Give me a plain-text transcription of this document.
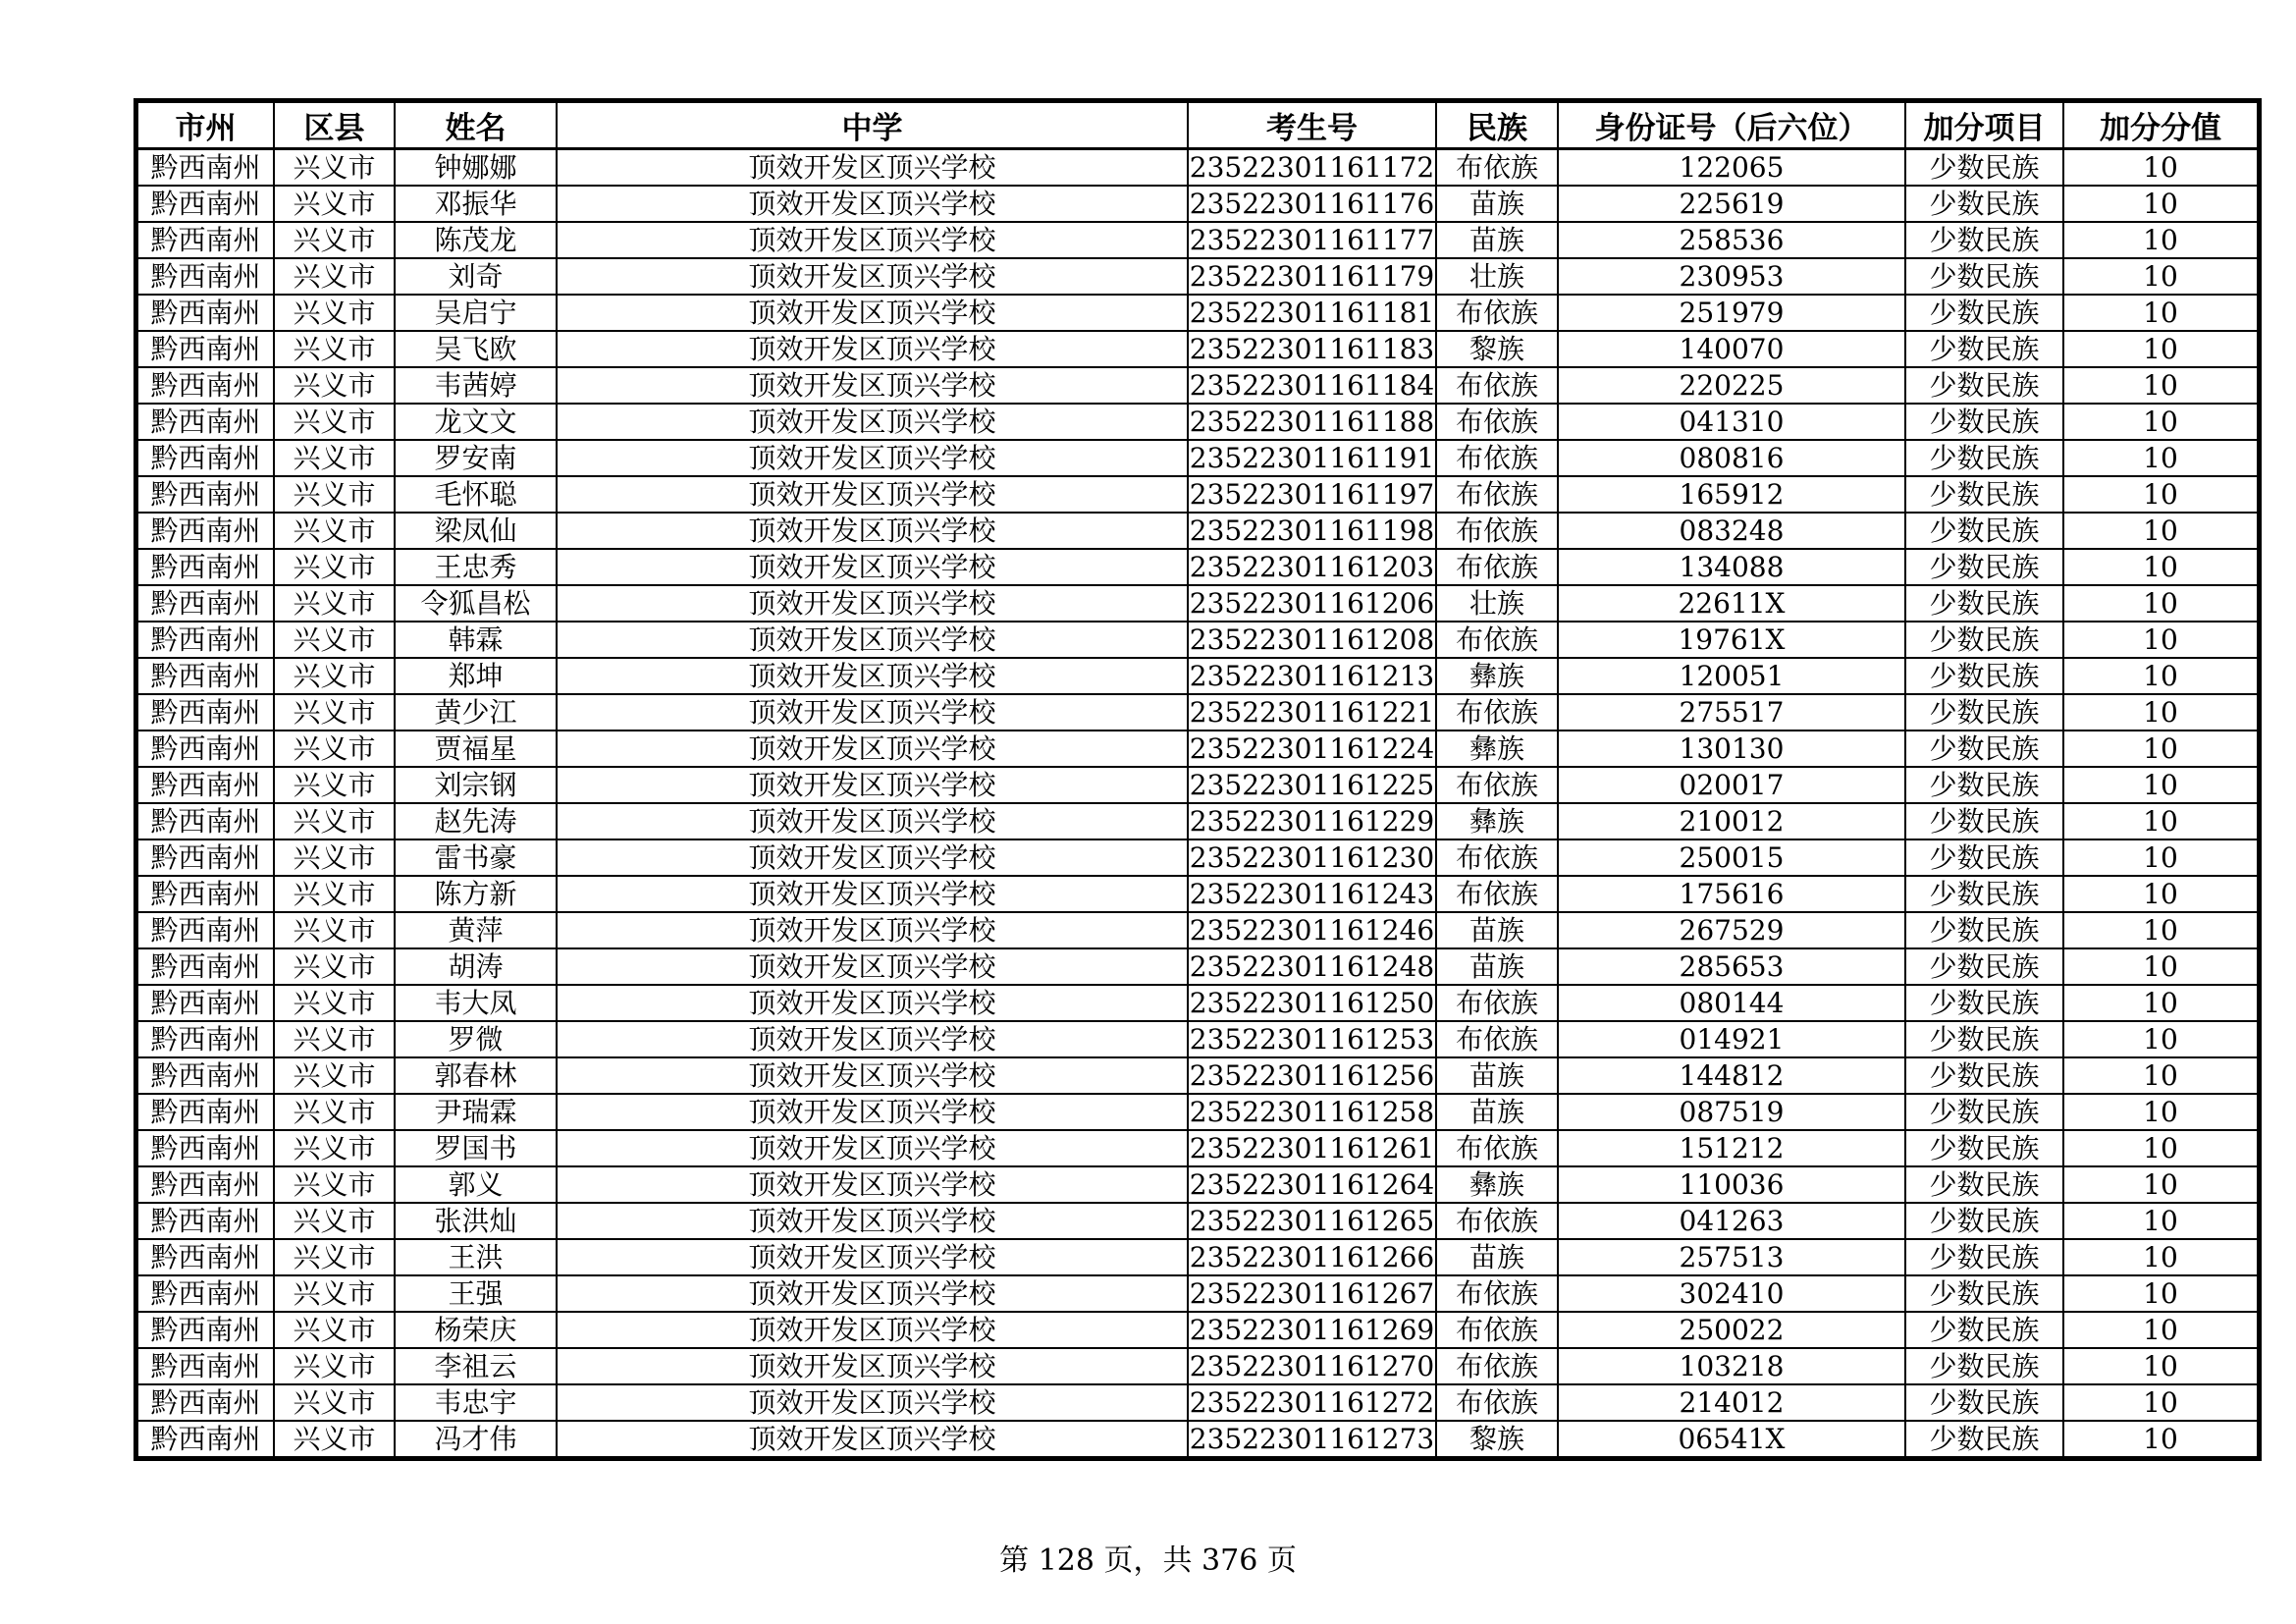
市州	区县	姓名	中学	考生号	民族	身份证号（后六位）	加分项目	加分分值
黔西南州	兴义市	钟娜娜	顶效开发区顶兴学校	23522301161172	布依族	122065	少数民族	10
黔西南州	兴义市	邓振华	顶效开发区顶兴学校	23522301161176	苗族	225619	少数民族	10
黔西南州	兴义市	陈茂龙	顶效开发区顶兴学校	23522301161177	苗族	258536	少数民族	10
黔西南州	兴义市	刘奇	顶效开发区顶兴学校	23522301161179	壮族	230953	少数民族	10
黔西南州	兴义市	吴启宁	顶效开发区顶兴学校	23522301161181	布依族	251979	少数民族	10
黔西南州	兴义市	吴飞欧	顶效开发区顶兴学校	23522301161183	黎族	140070	少数民族	10
黔西南州	兴义市	韦茜婷	顶效开发区顶兴学校	23522301161184	布依族	220225	少数民族	10
黔西南州	兴义市	龙文文	顶效开发区顶兴学校	23522301161188	布依族	041310	少数民族	10
黔西南州	兴义市	罗安南	顶效开发区顶兴学校	23522301161191	布依族	080816	少数民族	10
黔西南州	兴义市	毛怀聪	顶效开发区顶兴学校	23522301161197	布依族	165912	少数民族	10
黔西南州	兴义市	梁凤仙	顶效开发区顶兴学校	23522301161198	布依族	083248	少数民族	10
黔西南州	兴义市	王忠秀	顶效开发区顶兴学校	23522301161203	布依族	134088	少数民族	10
黔西南州	兴义市	令狐昌松	顶效开发区顶兴学校	23522301161206	壮族	22611X	少数民族	10
黔西南州	兴义市	韩霖	顶效开发区顶兴学校	23522301161208	布依族	19761X	少数民族	10
黔西南州	兴义市	郑坤	顶效开发区顶兴学校	23522301161213	彝族	120051	少数民族	10
黔西南州	兴义市	黄少江	顶效开发区顶兴学校	23522301161221	布依族	275517	少数民族	10
黔西南州	兴义市	贾福星	顶效开发区顶兴学校	23522301161224	彝族	130130	少数民族	10
黔西南州	兴义市	刘宗钢	顶效开发区顶兴学校	23522301161225	布依族	020017	少数民族	10
黔西南州	兴义市	赵先涛	顶效开发区顶兴学校	23522301161229	彝族	210012	少数民族	10
黔西南州	兴义市	雷书豪	顶效开发区顶兴学校	23522301161230	布依族	250015	少数民族	10
黔西南州	兴义市	陈方新	顶效开发区顶兴学校	23522301161243	布依族	175616	少数民族	10
黔西南州	兴义市	黄萍	顶效开发区顶兴学校	23522301161246	苗族	267529	少数民族	10
黔西南州	兴义市	胡涛	顶效开发区顶兴学校	23522301161248	苗族	285653	少数民族	10
黔西南州	兴义市	韦大凤	顶效开发区顶兴学校	23522301161250	布依族	080144	少数民族	10
黔西南州	兴义市	罗微	顶效开发区顶兴学校	23522301161253	布依族	014921	少数民族	10
黔西南州	兴义市	郭春林	顶效开发区顶兴学校	23522301161256	苗族	144812	少数民族	10
黔西南州	兴义市	尹瑞霖	顶效开发区顶兴学校	23522301161258	苗族	087519	少数民族	10
黔西南州	兴义市	罗国书	顶效开发区顶兴学校	23522301161261	布依族	151212	少数民族	10
黔西南州	兴义市	郭义	顶效开发区顶兴学校	23522301161264	彝族	110036	少数民族	10
黔西南州	兴义市	张洪灿	顶效开发区顶兴学校	23522301161265	布依族	041263	少数民族	10
黔西南州	兴义市	王洪	顶效开发区顶兴学校	23522301161266	苗族	257513	少数民族	10
黔西南州	兴义市	王强	顶效开发区顶兴学校	23522301161267	布依族	302410	少数民族	10
黔西南州	兴义市	杨荣庆	顶效开发区顶兴学校	23522301161269	布依族	250022	少数民族	10
黔西南州	兴义市	李祖云	顶效开发区顶兴学校	23522301161270	布依族	103218	少数民族	10
黔西南州	兴义市	韦忠宇	顶效开发区顶兴学校	23522301161272	布依族	214012	少数民族	10
黔西南州	兴义市	冯才伟	顶效开发区顶兴学校	23522301161273	黎族	06541X	少数民族	10
第 128 页，共 376 页
